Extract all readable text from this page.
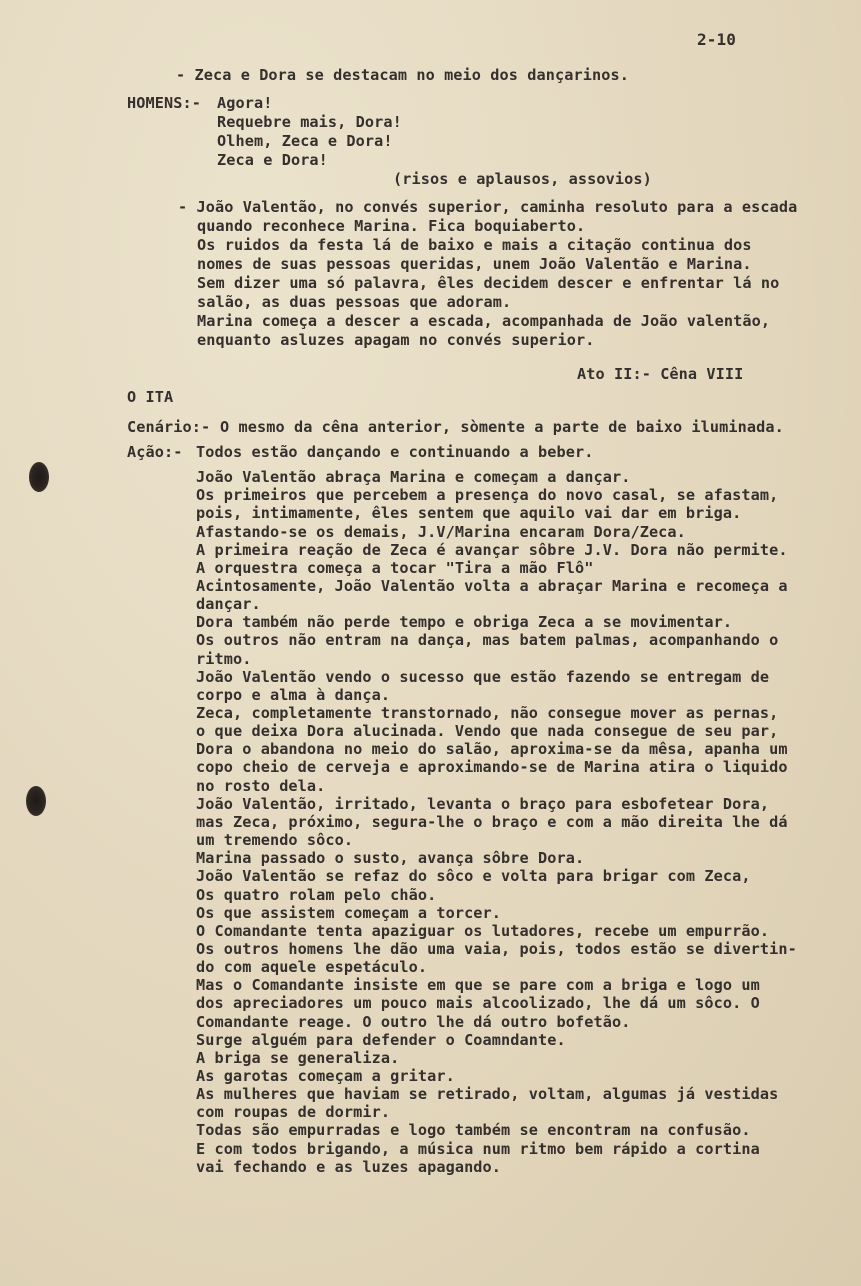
2-10
- Zeca e Dora se destacam no meio dos dançarinos.
HOMENS:- Agora!
Requebre mais, Dora!
Olhem, Zeca e Dora!
Zeca e Dora!
(risos e aplausos, assovios)
- João Valentão, no convés superior, caminha resoluto para a escada
quando reconhece Marina. Fica boquiaberto.
Os ruidos da festa lá de baixo e mais a citação continua dos
nomes de suas pessoas queridas, unem João Valentão e Marina.
Sem dizer uma só palavra, êles decidem descer e enfrentar lá no
salão, as duas pessoas que adoram.
Marina começa a descer a escada, acompanhada de João valentão,
enquanto asluzes apagam no convés superior.
Ato II:- Cêna VIII
O ITA
Cenário:- O mesmo da cêna anterior, sòmente a parte de baixo iluminada.
Ação:- Todos estão dançando e continuando a beber.
João Valentão abraça Marina e começam a dançar.
Os primeiros que percebem a presença do novo casal, se afastam,
pois, intimamente, êles sentem que aquilo vai dar em briga.
Afastando-se os demais, J.V/Marina encaram Dora/Zeca.
A primeira reação de Zeca é avançar sôbre J.V. Dora não permite.
A orquestra começa a tocar "Tira a mão Flô"
Acintosamente, João Valentão volta a abraçar Marina e recomeça a
dançar.
Dora também não perde tempo e obriga Zeca a se movimentar.
Os outros não entram na dança, mas batem palmas, acompanhando o
ritmo.
João Valentão vendo o sucesso que estão fazendo se entregam de
corpo e alma à dança.
Zeca, completamente transtornado, não consegue mover as pernas,
o que deixa Dora alucinada. Vendo que nada consegue de seu par,
Dora o abandona no meio do salão, aproxima-se da mêsa, apanha um
copo cheio de cerveja e aproximando-se de Marina atira o liquido
no rosto dela.
João Valentão, irritado, levanta o braço para esbofetear Dora,
mas Zeca, próximo, segura-lhe o braço e com a mão direita lhe dá
um tremendo sôco.
Marina passado o susto, avança sôbre Dora.
João Valentão se refaz do sôco e volta para brigar com Zeca,
Os quatro rolam pelo chão.
Os que assistem começam a torcer.
O Comandante tenta apaziguar os lutadores, recebe um empurrão.
Os outros homens lhe dão uma vaia, pois, todos estão se divertin-
do com aquele espetáculo.
Mas o Comandante insiste em que se pare com a briga e logo um
dos apreciadores um pouco mais alcoolizado, lhe dá um sôco. O
Comandante reage. O outro lhe dá outro bofetão.
Surge alguém para defender o Coamndante.
A briga se generaliza.
As garotas começam a gritar.
As mulheres que haviam se retirado, voltam, algumas já vestidas
com roupas de dormir.
Todas são empurradas e logo também se encontram na confusão.
E com todos brigando, a música num ritmo bem rápido a cortina
vai fechando e as luzes apagando.
